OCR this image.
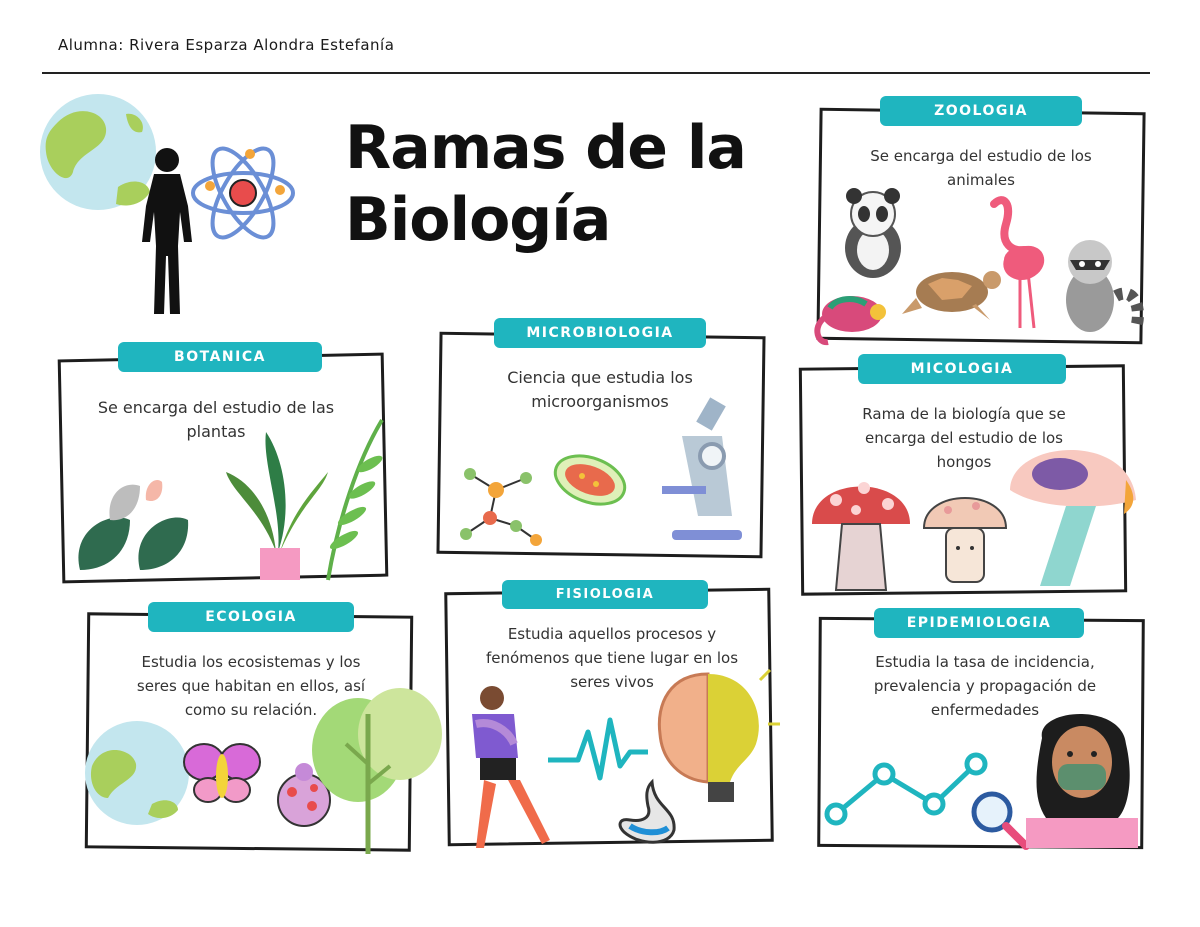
Alumna: Rivera Esparza Alondra Estefanía
Ramas de la
Biología
ZOOLOGIA
Se encarga del estudio de los animales
BOTANICA
Se encarga del estudio de las plantas
MICROBIOLOGIA
Ciencia que estudia los microorganismos
MICOLOGIA
Rama de la biología que se encarga del estudio de los hongos
ECOLOGIA
Estudia los ecosistemas y los seres que habitan en ellos, así como su relación.
FISIOLOGIA
Estudia aquellos procesos y fenómenos que tiene lugar en los seres vivos
EPIDEMIOLOGIA
Estudia la tasa de incidencia, prevalencia y propagación de enfermedades
